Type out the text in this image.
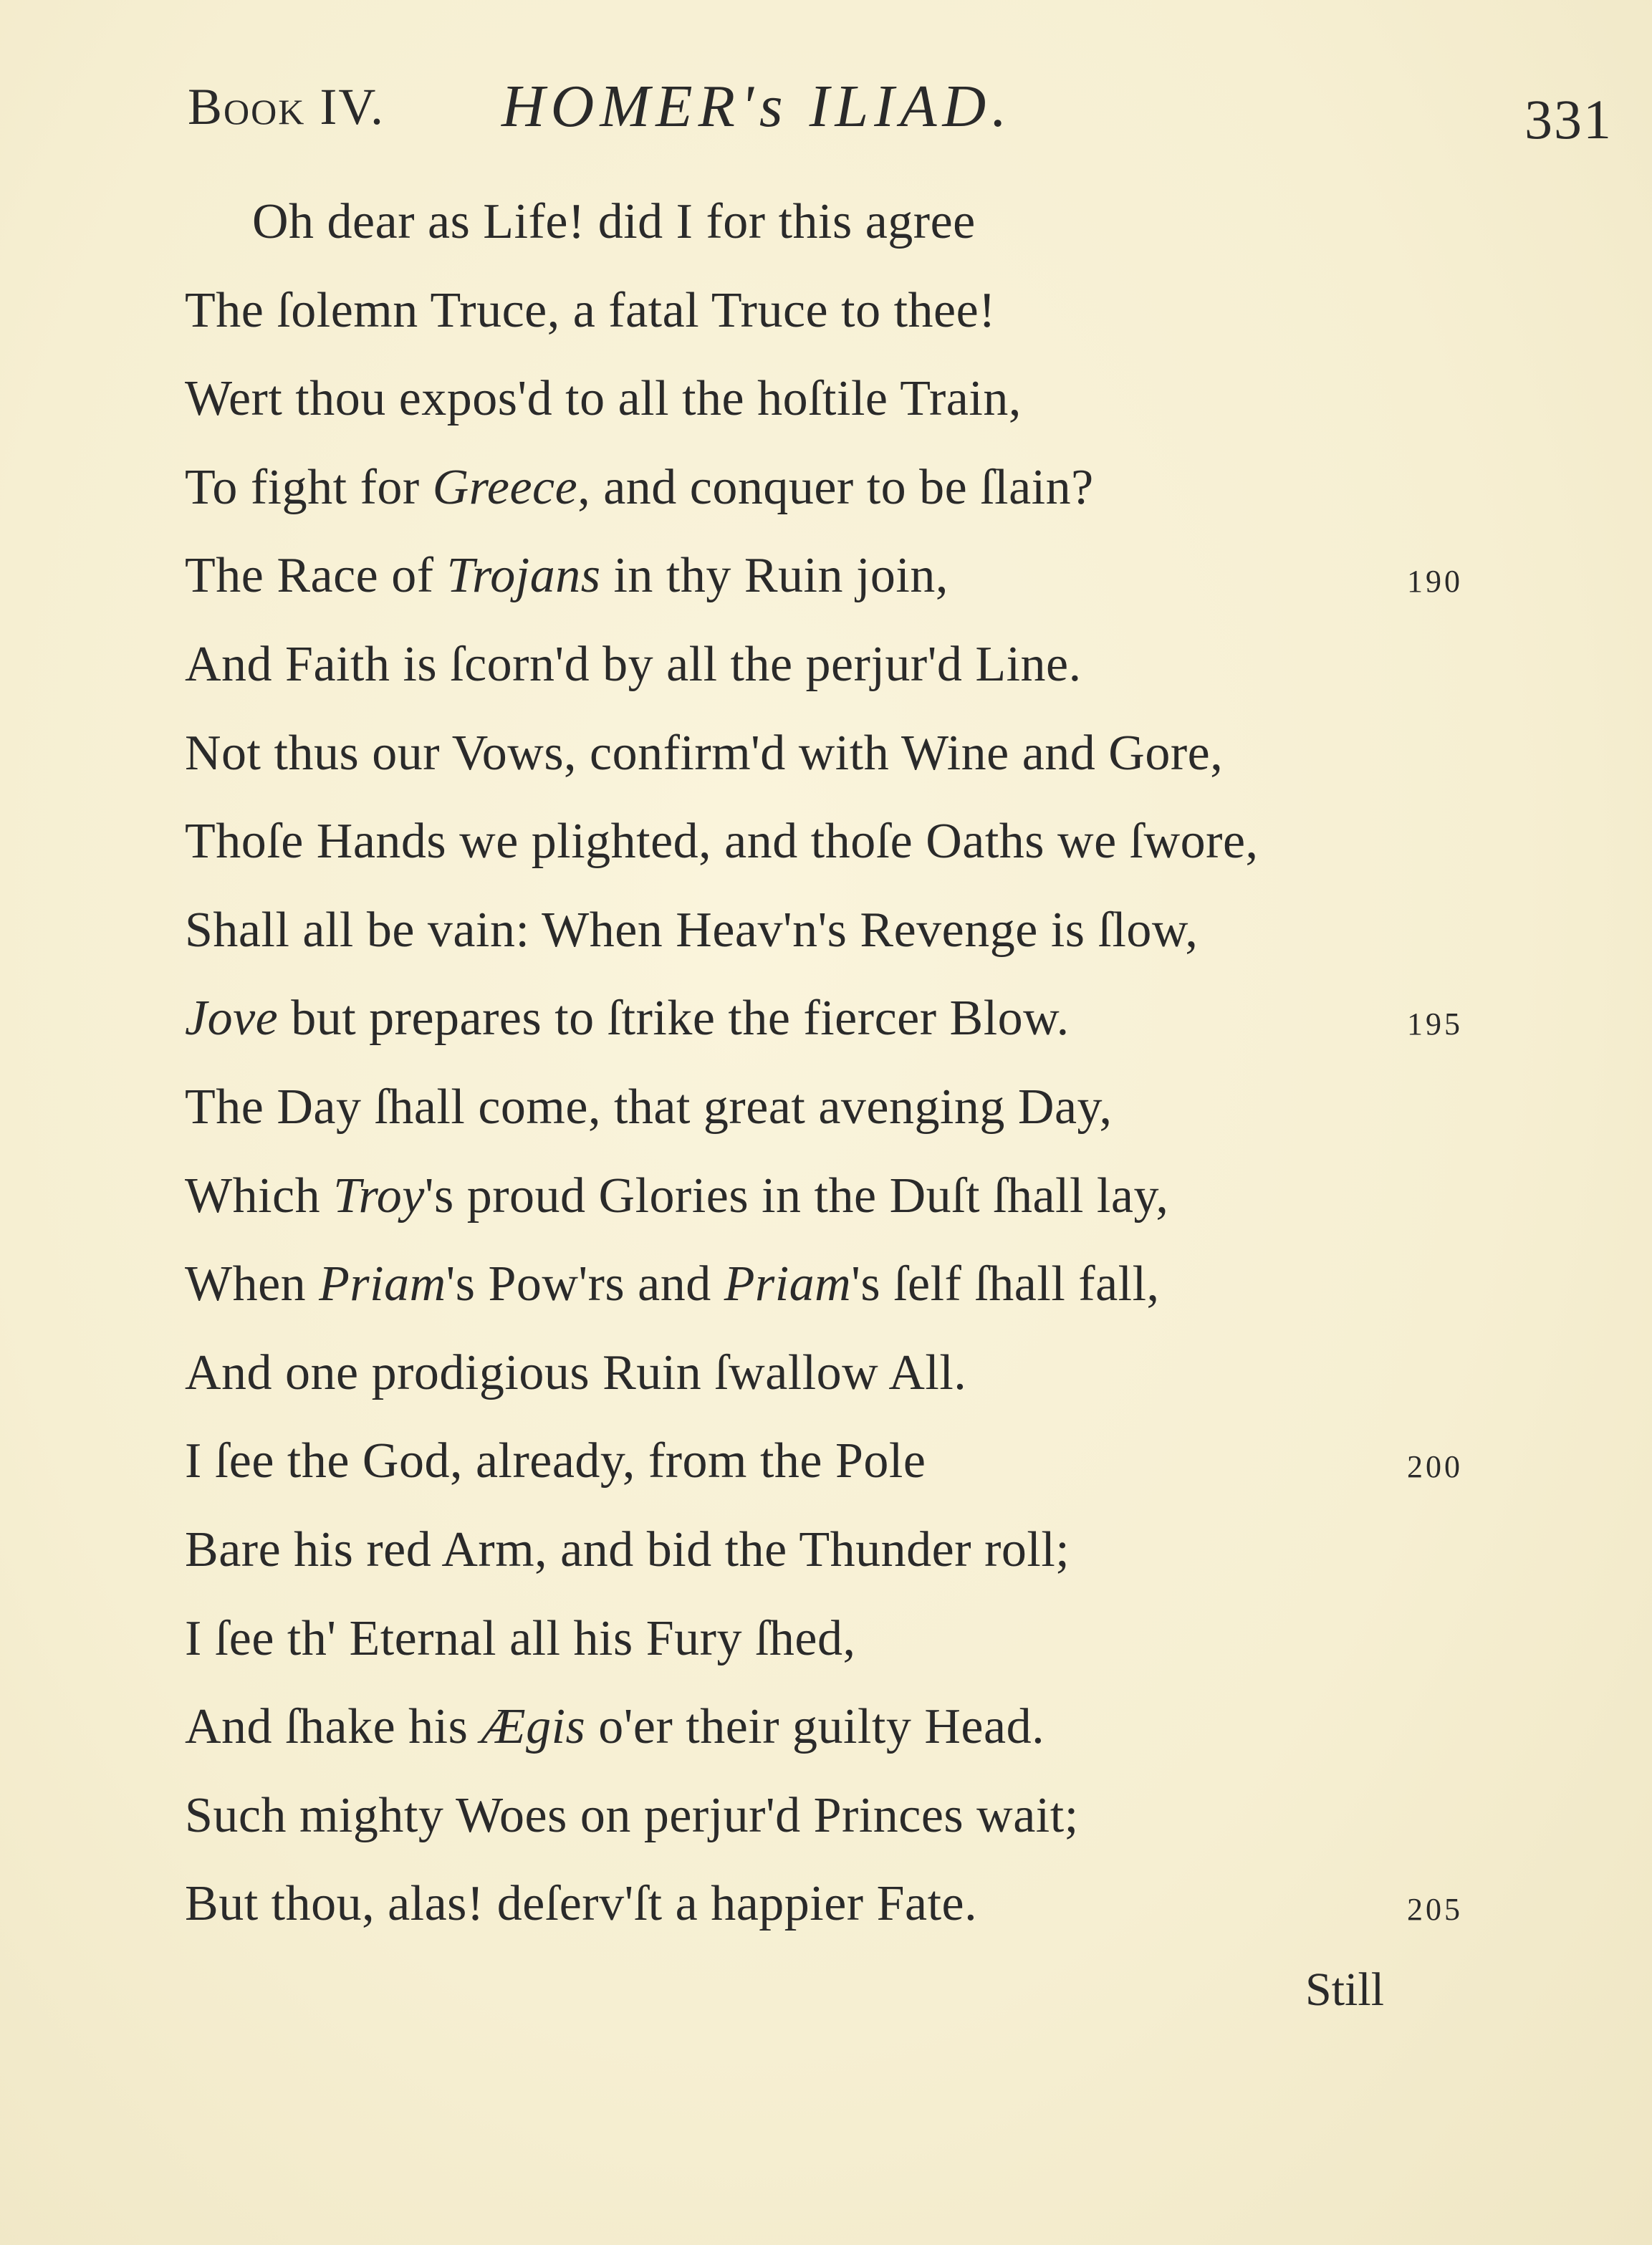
Book IV. HOMER's ILIAD.	331
Oh dear as Life! did I for this agree
The ſolemn Truce, a fatal Truce to thee!
Wert thou expos'd to all the hoſtile Train,
To fight for Greece, and conquer to be ſlain?
The Race of Trojans in thy Ruin join,
And Faith is ſcorn'd by all the perjur'd Line.
Not thus our Vows, confirm'd with Wine and Gore,
Thoſe Hands we plighted, and thoſe Oaths we ſwore,
Shall all be vain: When Heav'n's Revenge is ſlow,
Jove but prepares to ſtrike the fiercer Blow.
The Day ſhall come, that great avenging Day,
Which Troy's proud Glories in the Duſt ſhall lay,
When Priam's Pow'rs and Priam's ſelf ſhall fall,
And one prodigious Ruin ſwallow All.
I ſee the God, already, from the Pole
Bare his red Arm, and bid the Thunder roll;
I ſee th' Eternal all his Fury ſhed,
And ſhake his Ægis o'er their guilty Head.
Such mighty Woes on perjur'd Princes wait;
But thou, alas! deſerv'ſt a happier Fate.
190
195
200
205
Still
